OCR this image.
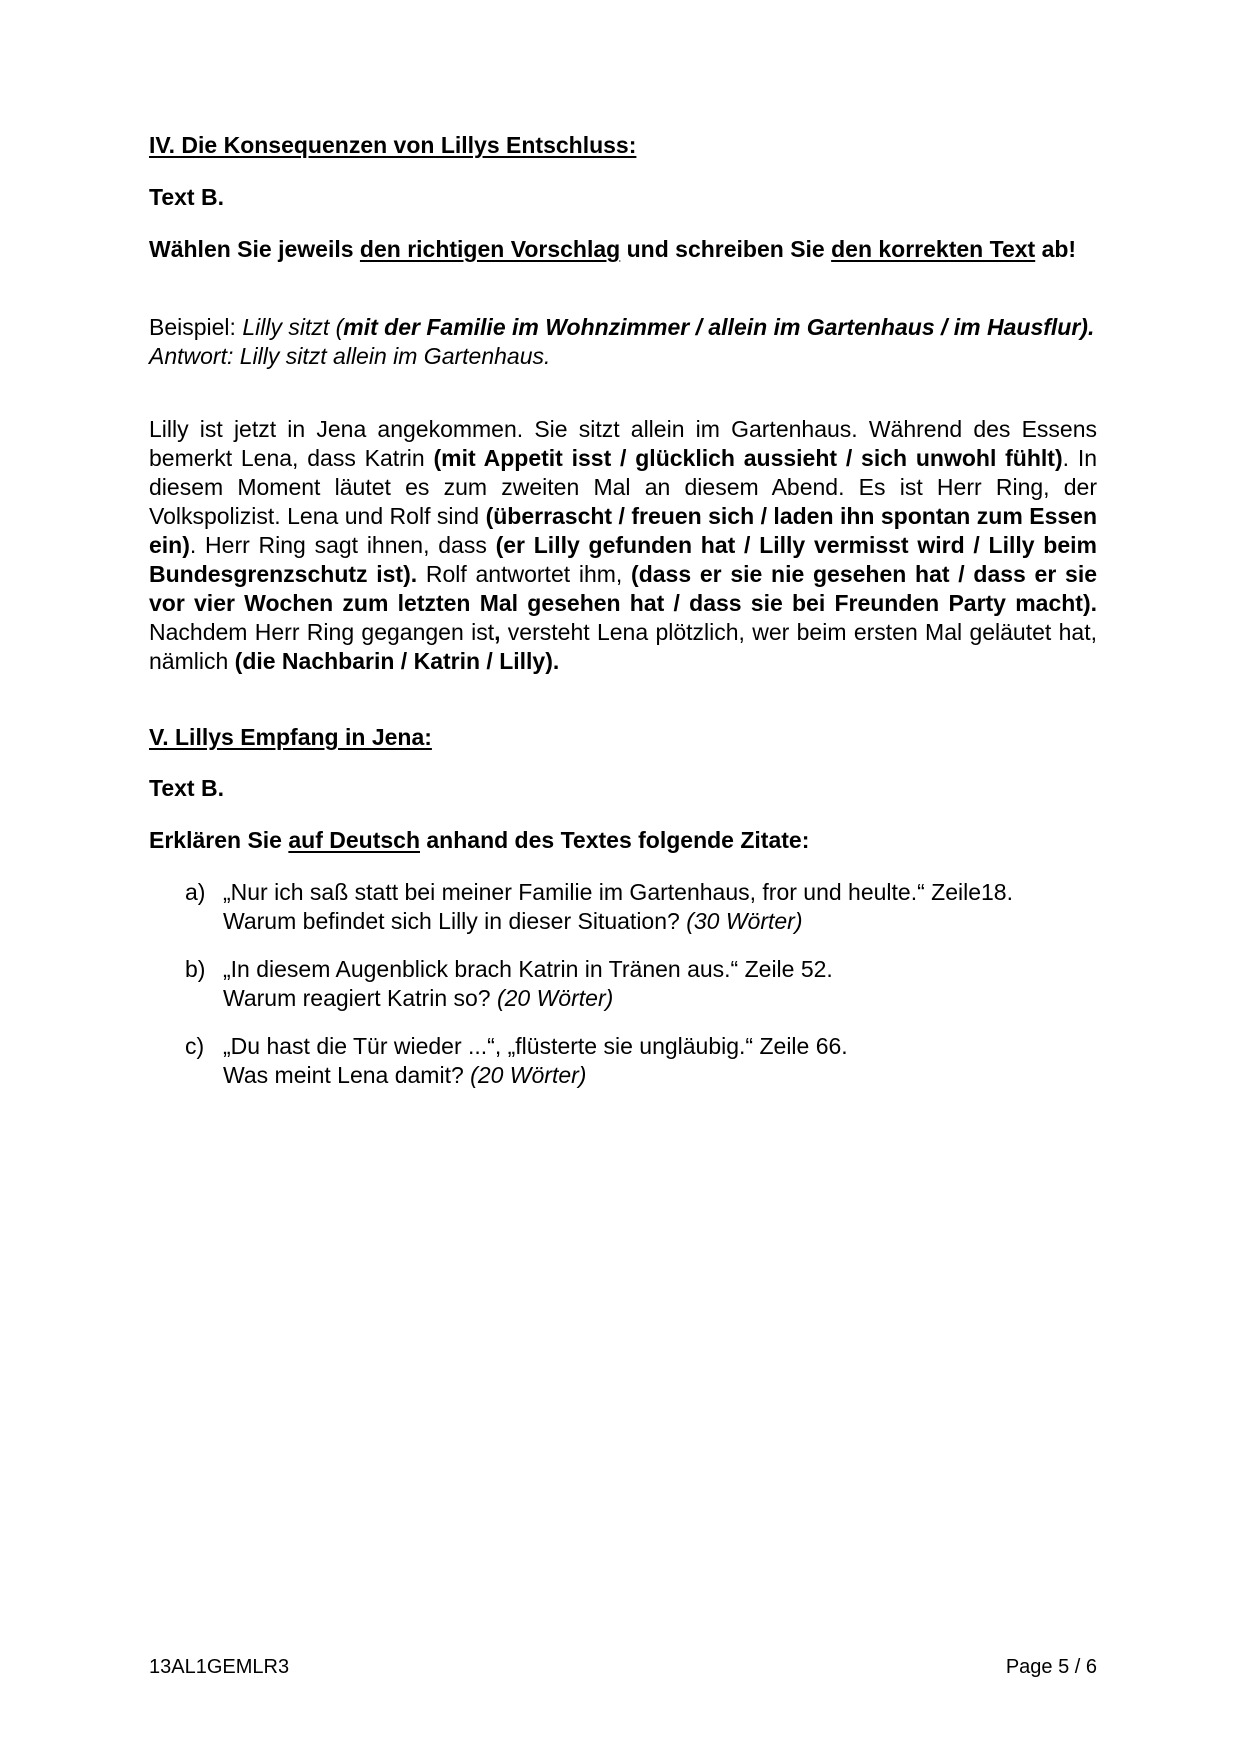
IV. Die Konsequenzen von Lillys Entschluss:
Text B.
Wählen Sie jeweils den richtigen Vorschlag und schreiben Sie den korrekten Text ab!
Beispiel: Lilly sitzt (mit der Familie im Wohnzimmer / allein im Gartenhaus / im Hausflur).
Antwort: Lilly sitzt allein im Gartenhaus.
Lilly ist jetzt in Jena angekommen. Sie sitzt allein im Gartenhaus. Während des Essens bemerkt Lena, dass Katrin (mit Appetit isst / glücklich aussieht / sich unwohl fühlt). In diesem Moment läutet es zum zweiten Mal an diesem Abend. Es ist Herr Ring, der Volkspolizist. Lena und Rolf sind (überrascht / freuen sich / laden ihn spontan zum Essen ein). Herr Ring sagt ihnen, dass (er Lilly gefunden hat / Lilly vermisst wird / Lilly beim Bundesgrenzschutz ist). Rolf antwortet ihm, (dass er sie nie gesehen hat / dass er sie vor vier Wochen zum letzten Mal gesehen hat / dass sie bei Freunden Party macht). Nachdem Herr Ring gegangen ist, versteht Lena plötzlich, wer beim ersten Mal geläutet hat, nämlich (die Nachbarin / Katrin / Lilly).
V. Lillys Empfang in Jena:
Text B.
Erklären Sie auf Deutsch anhand des Textes folgende Zitate:
a) „Nur ich saß statt bei meiner Familie im Gartenhaus, fror und heulte.“ Zeile18.
Warum befindet sich Lilly in dieser Situation? (30 Wörter)
b) „In diesem Augenblick brach Katrin in Tränen aus.“ Zeile 52.
Warum reagiert Katrin so? (20 Wörter)
c) „Du hast die Tür wieder ...“, „flüsterte sie ungläubig.“ Zeile 66.
Was meint Lena damit? (20 Wörter)
13AL1GEMLR3	Page 5 / 6
